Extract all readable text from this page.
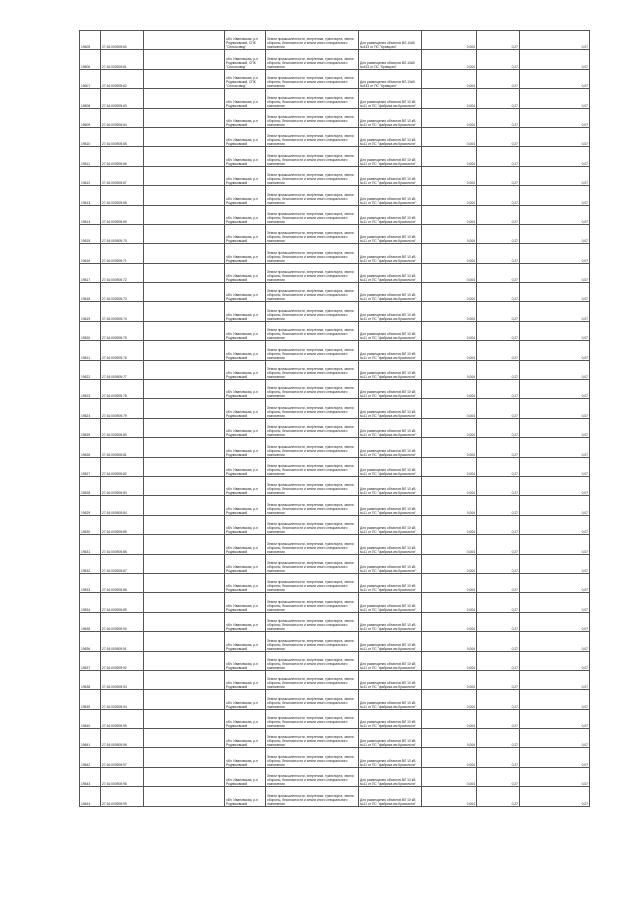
19605	27:16:000905:60		обл. Ивановская, р-н Родниковский, СПК "Сельхозвод"	Земли промышленности, энергетики, транспорта, земли обороны, безопасности и земли иного специального назначения	Для размещения объектов ВЛ-10кВ №433 от ПС "Кривцово"	0,004	0,27	0,07

19606	27:16:000905:61		обл. Ивановская, р-н Родниковский, СПК "Сельхозвод"	Земли промышленности, энергетики, транспорта, земли обороны, безопасности и земли иного специального назначения	Для размещения объектов ВЛ-10кВ №433 от ПС "Кривцово"	0,004	0,27	0,07

19607	27:16:000905:62		обл. Ивановская, р-н Родниковский, СПК "Сельхозвод"	Земли промышленности, энергетики, транспорта, земли обороны, безопасности и земли иного специального назначения	Для размещения объектов ВЛ-10кВ №433 от ПС "Кривцово"	0,004	0,27	0,07

19608	27:16:000905:63		обл. Ивановская, р-н Родниковский	Земли промышленности, энергетики, транспорта, земли обороны, безопасности и земли иного специального назначения	Для размещения объектов ВЛ 10 кВ №11 от ПС "фабрика им Красильни"	0,004	0,27	0,07

19609	27:16:000905:64		обл. Ивановская, р-н Родниковский	Земли промышленности, энергетики, транспорта, земли обороны, безопасности и земли иного специального назначения	Для размещения объектов ВЛ 10 кВ №11 от ПС "фабрика им Красильни"	0,004	0,27	0,07

19610	27:16:000905:65		обл. Ивановская, р-н Родниковский	Земли промышленности, энергетики, транспорта, земли обороны, безопасности и земли иного специального назначения	Для размещения объектов ВЛ 10 кВ №11 от ПС "фабрика им Красильни"	0,004	0,27	0,07

19611	27:16:000905:66		обл. Ивановская, р-н Родниковский	Земли промышленности, энергетики, транспорта, земли обороны, безопасности и земли иного специального назначения	Для размещения объектов ВЛ 10 кВ №11 от ПС "фабрика им Красильни"	0,004	0,27	0,07

19612	27:16:000905:67		обл. Ивановская, р-н Родниковский	Земли промышленности, энергетики, транспорта, земли обороны, безопасности и земли иного специального назначения	Для размещения объектов ВЛ 10 кВ №11 от ПС "фабрика им Красильни"	0,004	0,27	0,07

19613	27:16:000905:68		обл. Ивановская, р-н Родниковский	Земли промышленности, энергетики, транспорта, земли обороны, безопасности и земли иного специального назначения	Для размещения объектов ВЛ 10 кВ №11 от ПС "фабрика им Красильни"	0,004	0,27	0,07

19614	27:16:000905:69		обл. Ивановская, р-н Родниковский	Земли промышленности, энергетики, транспорта, земли обороны, безопасности и земли иного специального назначения	Для размещения объектов ВЛ 10 кВ №11 от ПС "фабрика им Красильни"	0,004	0,27	0,07

19615	27:16:000905:70		обл. Ивановская, р-н Родниковский	Земли промышленности, энергетики, транспорта, земли обороны, безопасности и земли иного специального назначения	Для размещения объектов ВЛ 10 кВ №11 от ПС "фабрика им Красильни"	0,004	0,27	0,07

19616	27:16:000905:71		обл. Ивановская, р-н Родниковский	Земли промышленности, энергетики, транспорта, земли обороны, безопасности и земли иного специального назначения	Для размещения объектов ВЛ 10 кВ №11 от ПС "фабрика им Красильни"	0,004	0,27	0,07

19617	27:16:000905:72		обл. Ивановская, р-н Родниковский	Земли промышленности, энергетики, транспорта, земли обороны, безопасности и земли иного специального назначения	Для размещения объектов ВЛ 10 кВ №11 от ПС "фабрика им Красильни"	0,004	0,27	0,07

19618	27:16:000905:73		обл. Ивановская, р-н Родниковский	Земли промышленности, энергетики, транспорта, земли обороны, безопасности и земли иного специального назначения	Для размещения объектов ВЛ 10 кВ №11 от ПС "фабрика им Красильни"	0,004	0,27	0,07

19619	27:16:000905:74		обл. Ивановская, р-н Родниковский	Земли промышленности, энергетики, транспорта, земли обороны, безопасности и земли иного специального назначения	Для размещения объектов ВЛ 10 кВ №11 от ПС "фабрика им Красильни"	0,004	0,27	0,07

19620	27:16:000905:75		обл. Ивановская, р-н Родниковский	Земли промышленности, энергетики, транспорта, земли обороны, безопасности и земли иного специального назначения	Для размещения объектов ВЛ 10 кВ №11 от ПС "фабрика им Красильни"	0,004	0,27	0,07

19621	27:16:000905:76		обл. Ивановская, р-н Родниковский	Земли промышленности, энергетики, транспорта, земли обороны, безопасности и земли иного специального назначения	Для размещения объектов ВЛ 10 кВ №11 от ПС "фабрика им Красильни"	0,004	0,27	0,07

19622	27:16:000905:77		обл. Ивановская, р-н Родниковский	Земли промышленности, энергетики, транспорта, земли обороны, безопасности и земли иного специального назначения	Для размещения объектов ВЛ 10 кВ №11 от ПС "фабрика им Красильни"	0,004	0,27	0,07

19623	27:16:000905:78		обл. Ивановская, р-н Родниковский	Земли промышленности, энергетики, транспорта, земли обороны, безопасности и земли иного специального назначения	Для размещения объектов ВЛ 10 кВ №11 от ПС "фабрика им Красильни"	0,004	0,27	0,07

19624	27:16:000905:79		обл. Ивановская, р-н Родниковский	Земли промышленности, энергетики, транспорта, земли обороны, безопасности и земли иного специального назначения	Для размещения объектов ВЛ 10 кВ №11 от ПС "фабрика им Красильни"	0,004	0,27	0,07

19625	27:16:000905:80		обл. Ивановская, р-н Родниковский	Земли промышленности, энергетики, транспорта, земли обороны, безопасности и земли иного специального назначения	Для размещения объектов ВЛ 10 кВ №11 от ПС "фабрика им Красильни"	0,004	0,27	0,07

19626	27:16:000905:81		обл. Ивановская, р-н Родниковский	Земли промышленности, энергетики, транспорта, земли обороны, безопасности и земли иного специального назначения	Для размещения объектов ВЛ 10 кВ №11 от ПС "фабрика им Красильни"	0,004	0,27	0,07

19627	27:16:000905:82		обл. Ивановская, р-н Родниковский	Земли промышленности, энергетики, транспорта, земли обороны, безопасности и земли иного специального назначения	Для размещения объектов ВЛ 10 кВ №11 от ПС "фабрика им Красильни"	0,004	0,27	0,07

19628	27:16:000905:83		обл. Ивановская, р-н Родниковский	Земли промышленности, энергетики, транспорта, земли обороны, безопасности и земли иного специального назначения	Для размещения объектов ВЛ 10 кВ №11 от ПС "фабрика им Красильни"	0,004	0,27	0,07

19629	27:16:000905:84		обл. Ивановская, р-н Родниковский	Земли промышленности, энергетики, транспорта, земли обороны, безопасности и земли иного специального назначения	Для размещения объектов ВЛ 10 кВ №11 от ПС "фабрика им Красильни"	0,004	0,27	0,07

19630	27:16:000905:85		обл. Ивановская, р-н Родниковский	Земли промышленности, энергетики, транспорта, земли обороны, безопасности и земли иного специального назначения	Для размещения объектов ВЛ 10 кВ №11 от ПС "фабрика им Красильни"	0,004	0,27	0,07

19631	27:16:000905:86		обл. Ивановская, р-н Родниковский	Земли промышленности, энергетики, транспорта, земли обороны, безопасности и земли иного специального назначения	Для размещения объектов ВЛ 10 кВ №11 от ПС "фабрика им Красильни"	0,004	0,27	0,07

19632	27:16:000905:87		обл. Ивановская, р-н Родниковский	Земли промышленности, энергетики, транспорта, земли обороны, безопасности и земли иного специального назначения	Для размещения объектов ВЛ 10 кВ №11 от ПС "фабрика им Красильни"	0,004	0,27	0,07

19633	27:16:000905:88		обл. Ивановская, р-н Родниковский	Земли промышленности, энергетики, транспорта, земли обороны, безопасности и земли иного специального назначения	Для размещения объектов ВЛ 10 кВ №11 от ПС "фабрика им Красильни"	0,004	0,27	0,07

19634	27:16:000905:89		обл. Ивановская, р-н Родниковский	Земли промышленности, энергетики, транспорта, земли обороны, безопасности и земли иного специального назначения	Для размещения объектов ВЛ 10 кВ №11 от ПС "фабрика им Красильни"	0,004	0,27	0,07

19635	27:16:000905:90		обл. Ивановская, р-н Родниковский	Земли промышленности, энергетики, транспорта, земли обороны, безопасности и земли иного специального назначения	Для размещения объектов ВЛ 10 кВ №11 от ПС "фабрика им Красильни"	0,004	0,27	0,07

19636	27:16:000905:91		обл. Ивановская, р-н Родниковский	Земли промышленности, энергетики, транспорта, земли обороны, безопасности и земли иного специального назначения	Для размещения объектов ВЛ 10 кВ №11 от ПС "фабрика им Красильни"	0,004	0,27	0,07

19637	27:16:000905:92		обл. Ивановская, р-н Родниковский	Земли промышленности, энергетики, транспорта, земли обороны, безопасности и земли иного специального назначения	Для размещения объектов ВЛ 10 кВ №11 от ПС "фабрика им Красильни"	0,004	0,27	0,07

19638	27:16:000905:93		обл. Ивановская, р-н Родниковский	Земли промышленности, энергетики, транспорта, земли обороны, безопасности и земли иного специального назначения	Для размещения объектов ВЛ 10 кВ №11 от ПС "фабрика им Красильни"	0,004	0,27	0,07

19639	27:16:000905:94		обл. Ивановская, р-н Родниковский	Земли промышленности, энергетики, транспорта, земли обороны, безопасности и земли иного специального назначения	Для размещения объектов ВЛ 10 кВ №11 от ПС "фабрика им Красильни"	0,004	0,27	0,07

19640	27:16:000905:95		обл. Ивановская, р-н Родниковский	Земли промышленности, энергетики, транспорта, земли обороны, безопасности и земли иного специального назначения	Для размещения объектов ВЛ 10 кВ №11 от ПС "фабрика им Красильни"	0,004	0,27	0,07

19641	27:16:000905:96		обл. Ивановская, р-н Родниковский	Земли промышленности, энергетики, транспорта, земли обороны, безопасности и земли иного специального назначения	Для размещения объектов ВЛ 10 кВ №11 от ПС "фабрика им Красильни"	0,004	0,27	0,07

19642	27:16:000905:97		обл. Ивановская, р-н Родниковский	Земли промышленности, энергетики, транспорта, земли обороны, безопасности и земли иного специального назначения	Для размещения объектов ВЛ 10 кВ №11 от ПС "фабрика им Красильни"	0,004	0,27	0,07

19643	27:16:000905:98		обл. Ивановская, р-н Родниковский	Земли промышленности, энергетики, транспорта, земли обороны, безопасности и земли иного специального назначения	Для размещения объектов ВЛ 10 кВ №11 от ПС "фабрика им Красильни"	0,004	0,27	0,07

19644	27:16:000905:99		обл. Ивановская, р-н Родниковский	Земли промышленности, энергетики, транспорта, земли обороны, безопасности и земли иного специального назначения	Для размещения объектов ВЛ 10 кВ №11 от ПС "фабрика им Красильни"	0,004	0,27	0,07
